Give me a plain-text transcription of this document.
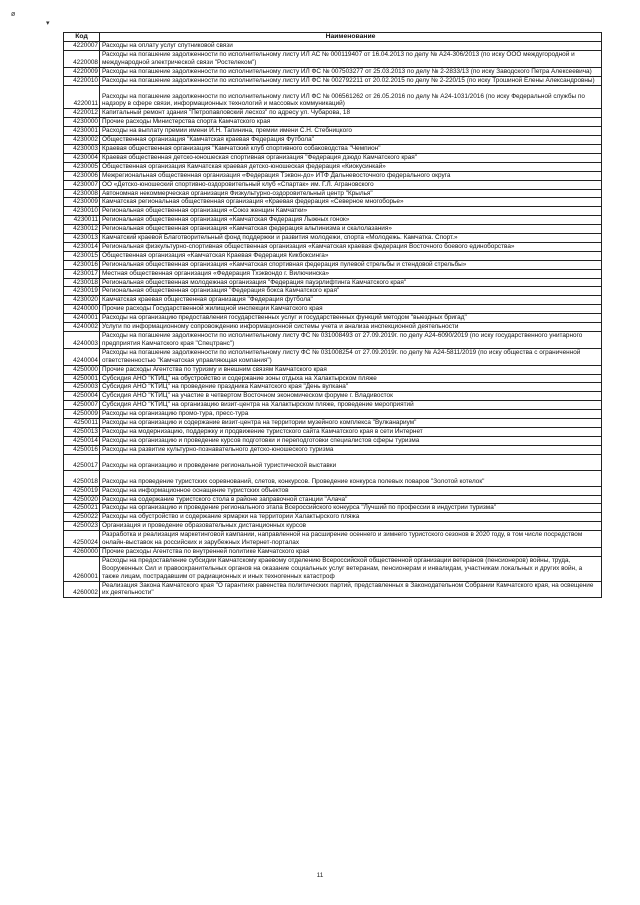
ø
▾
Код	Наименование
4220007	Расходы на оплату услуг спутниковой связи
4220008	Расходы на погашение задолженности по исполнительному листу ИЛ АС № 000119407 от 16.04.2013 по делу № А24-306/2013 (по иску ООО междугородной и международной электрической связи "Ростелеком")
4220009	Расходы на погашение задолженности по исполнительному листу ИЛ ФС № 007503277 от 25.03.2013 по делу № 2-2833/13 (по иску Заводского Петра Алексеевича)
4220010	Расходы на погашение задолженности по исполнительному листу ИЛ ФС № 002792211 от 20.02.2015 по делу № 2-220/15 (по иску Трошиной Елены Александровны)
4220011	Расходы на погашение задолженности по исполнительному листу ИЛ ФС № 006561262 от 26.05.2016 по делу № А24-1031/2016 (по иску Федеральной службы по надзору в сфере связи, информационных технологий и массовых коммуникаций)
4220012	Капитальный ремонт здания "Петропавловский лесхоз" по адресу ул. Чубарова, 18
4230000	Прочие расходы Министерства спорта Камчатского края
4230001	Расходы на выплату премии имени И.Н. Тапинина, премии имени С.Н. Стебницкого
4230002	Общественная организация "Камчатская краевая Федерация Футбола"
4230003	Краевая общественная организация "Камчатский клуб спортивного собаководства "Чемпион"
4230004	Краевая общественная детско-юношеская спортивная организация "Федерация дзюдо Камчатского края"
4230005	Общественная организация Камчатская краевая детско-юношеская федерация «Киокусинкай»
4230006	Межрегиональная общественная организация «Федерация Тэквон-до» ИТФ Дальневосточного федерального округа
4230007	ОО «Детско-юношеский спортивно-оздоровительный клуб «Спартак» им. Г.Л. Агрaновского
4230008	Автономная некоммерческая организация Физкультурно-оздоровительный центр "Крылья"
4230009	Камчатская региональная общественная организация «Краевая федерация «Северное многоборье»
4230010	Региональная общественная организация «Союз женщин Камчатки»
4230011	Региональная общественная организация «Камчатская Федерация Лыжных гонок»
4230012	Региональная общественная организация «Камчатская федерация альпинизма и скалолазания»
4230013	Камчатский краевой Благотворительный фонд поддержки и развития молодежи, спорта «Молодежь. Камчатка. Спорт.»
4230014	Региональная физкультурно-спортивная общественная организация «Камчатская краевая федерация Восточного боевого единоборства»
4230015	Общественная организация «Камчатская Краевая Федерация Кикбоксинга»
4230016	Региональная общественная организация «Камчатская спортивная федерация пулевой стрельбы и стендовой стрельбы»
4230017	Местная общественная организация «Федерация Тхэквондо г. Вилючинска»
4230018	Региональная общественная молодежная организация "Федерация пауэрлифтинга Камчатского края"
4230019	Региональная общественная организация "Федерация бокса Камчатского края"
4230020	Камчатская краевая общественная организация "Федерация футбола"
4240000	Прочие расходы Государственной жилищной инспекции Камчатского края
4240001	Расходы на организацию предоставления государственных услуг и государственных функций методом "выездных бригад"
4240002	Услуги по информационному сопровождению информационной системы учета и анализа инспекционной деятельности
4240003	Расходы на погашение задолженности по исполнительному листу ФС № 031008493 от 27.09.2019г. по делу А24-6090/2019 (по иску государственного унитарного предприятия Камчатского края "Спецтранс")
4240004	Расходы на погашение задолженности по исполнительному листу ФС № 031008254 от 27.09.2019г. по делу № А24-5811/2019 (по иску общества с ограниченной ответственностью "Камчатская управляющая компания")
4250000	Прочие расходы Агентства по туризму и внешним связям Камчатского края
4250001	Субсидия АНО "КТИЦ" на обустройство и содержание зоны отдыха на Халактырском пляже
4250003	Субсидия АНО "КТИЦ" на проведение праздника Камчатского края "День вулкана"
4250004	Субсидия АНО "КТИЦ" на участие в четвертом Восточном экономическом форуме г. Владивосток
4250007	Субсидия АНО "КТИЦ" на организацию визит-центра на Халактырском пляже, проведение мероприятий
4250009	Расходы на организацию промо-тура, пресс-тура
4250011	Расходы на организацию и содержание визит-центра на территории музейного комплекса "Вулканариум"
4250013	Расходы на модернизацию, поддержку и продвижение туристского сайта Камчатского края в сети Интернет
4250014	Расходы на организацию и проведение курсов подготовки и переподготовки специалистов сферы туризма
4250016	Расходы на развитие культурно-познавательного детско-юношеского туризма
4250017	Расходы на организацию и проведение региональной туристической выставки
4250018	Расходы на проведение туристских соревнований, слетов, конкурсов. Проведение конкурса полевых поваров "Золотой котелок"
4250019	Расходы на информационное оснащение туристских объектов
4250020	Расходы на содержание туристского стола в районе заправочной станции "Алача"
4250021	Расходы на организацию и проведение регионального этапа Всероссийского конкурса "Лучший по профессии в индустрии туризма"
4250022	Расходы на обустройство и содержание ярмарки на территории Халактырского пляжа
4250023	Организация и проведение образовательных дистанционных курсов
4250024	Разработка и реализация маркетинговой кампании, направленной на расширение осеннего и зимнего туристского сезонов в 2020 году, в том числе посредством онлайн-выставок на российских и зарубежных Интернет-порталах
4260000	Прочие расходы Агентства по внутренней политике Камчатского края
4260001	Расходы на предоставление субсидии Камчатскому краевому отделению Всероссийской общественной организации ветеранов (пенсионеров) войны, труда, Вооруженных Сил и правоохранительных органов на оказание социальных услуг ветеранам, пенсионерам и инвалидам, участникам локальных и других войн, а также лицам, пострадавшим от радиационных и иных техногенных катастроф
4260002	Реализация Закона Камчатского края "О гарантиях равенства политических партий, представленных в Законодательном Собрании Камчатского края, на освещение их деятельности"
11
